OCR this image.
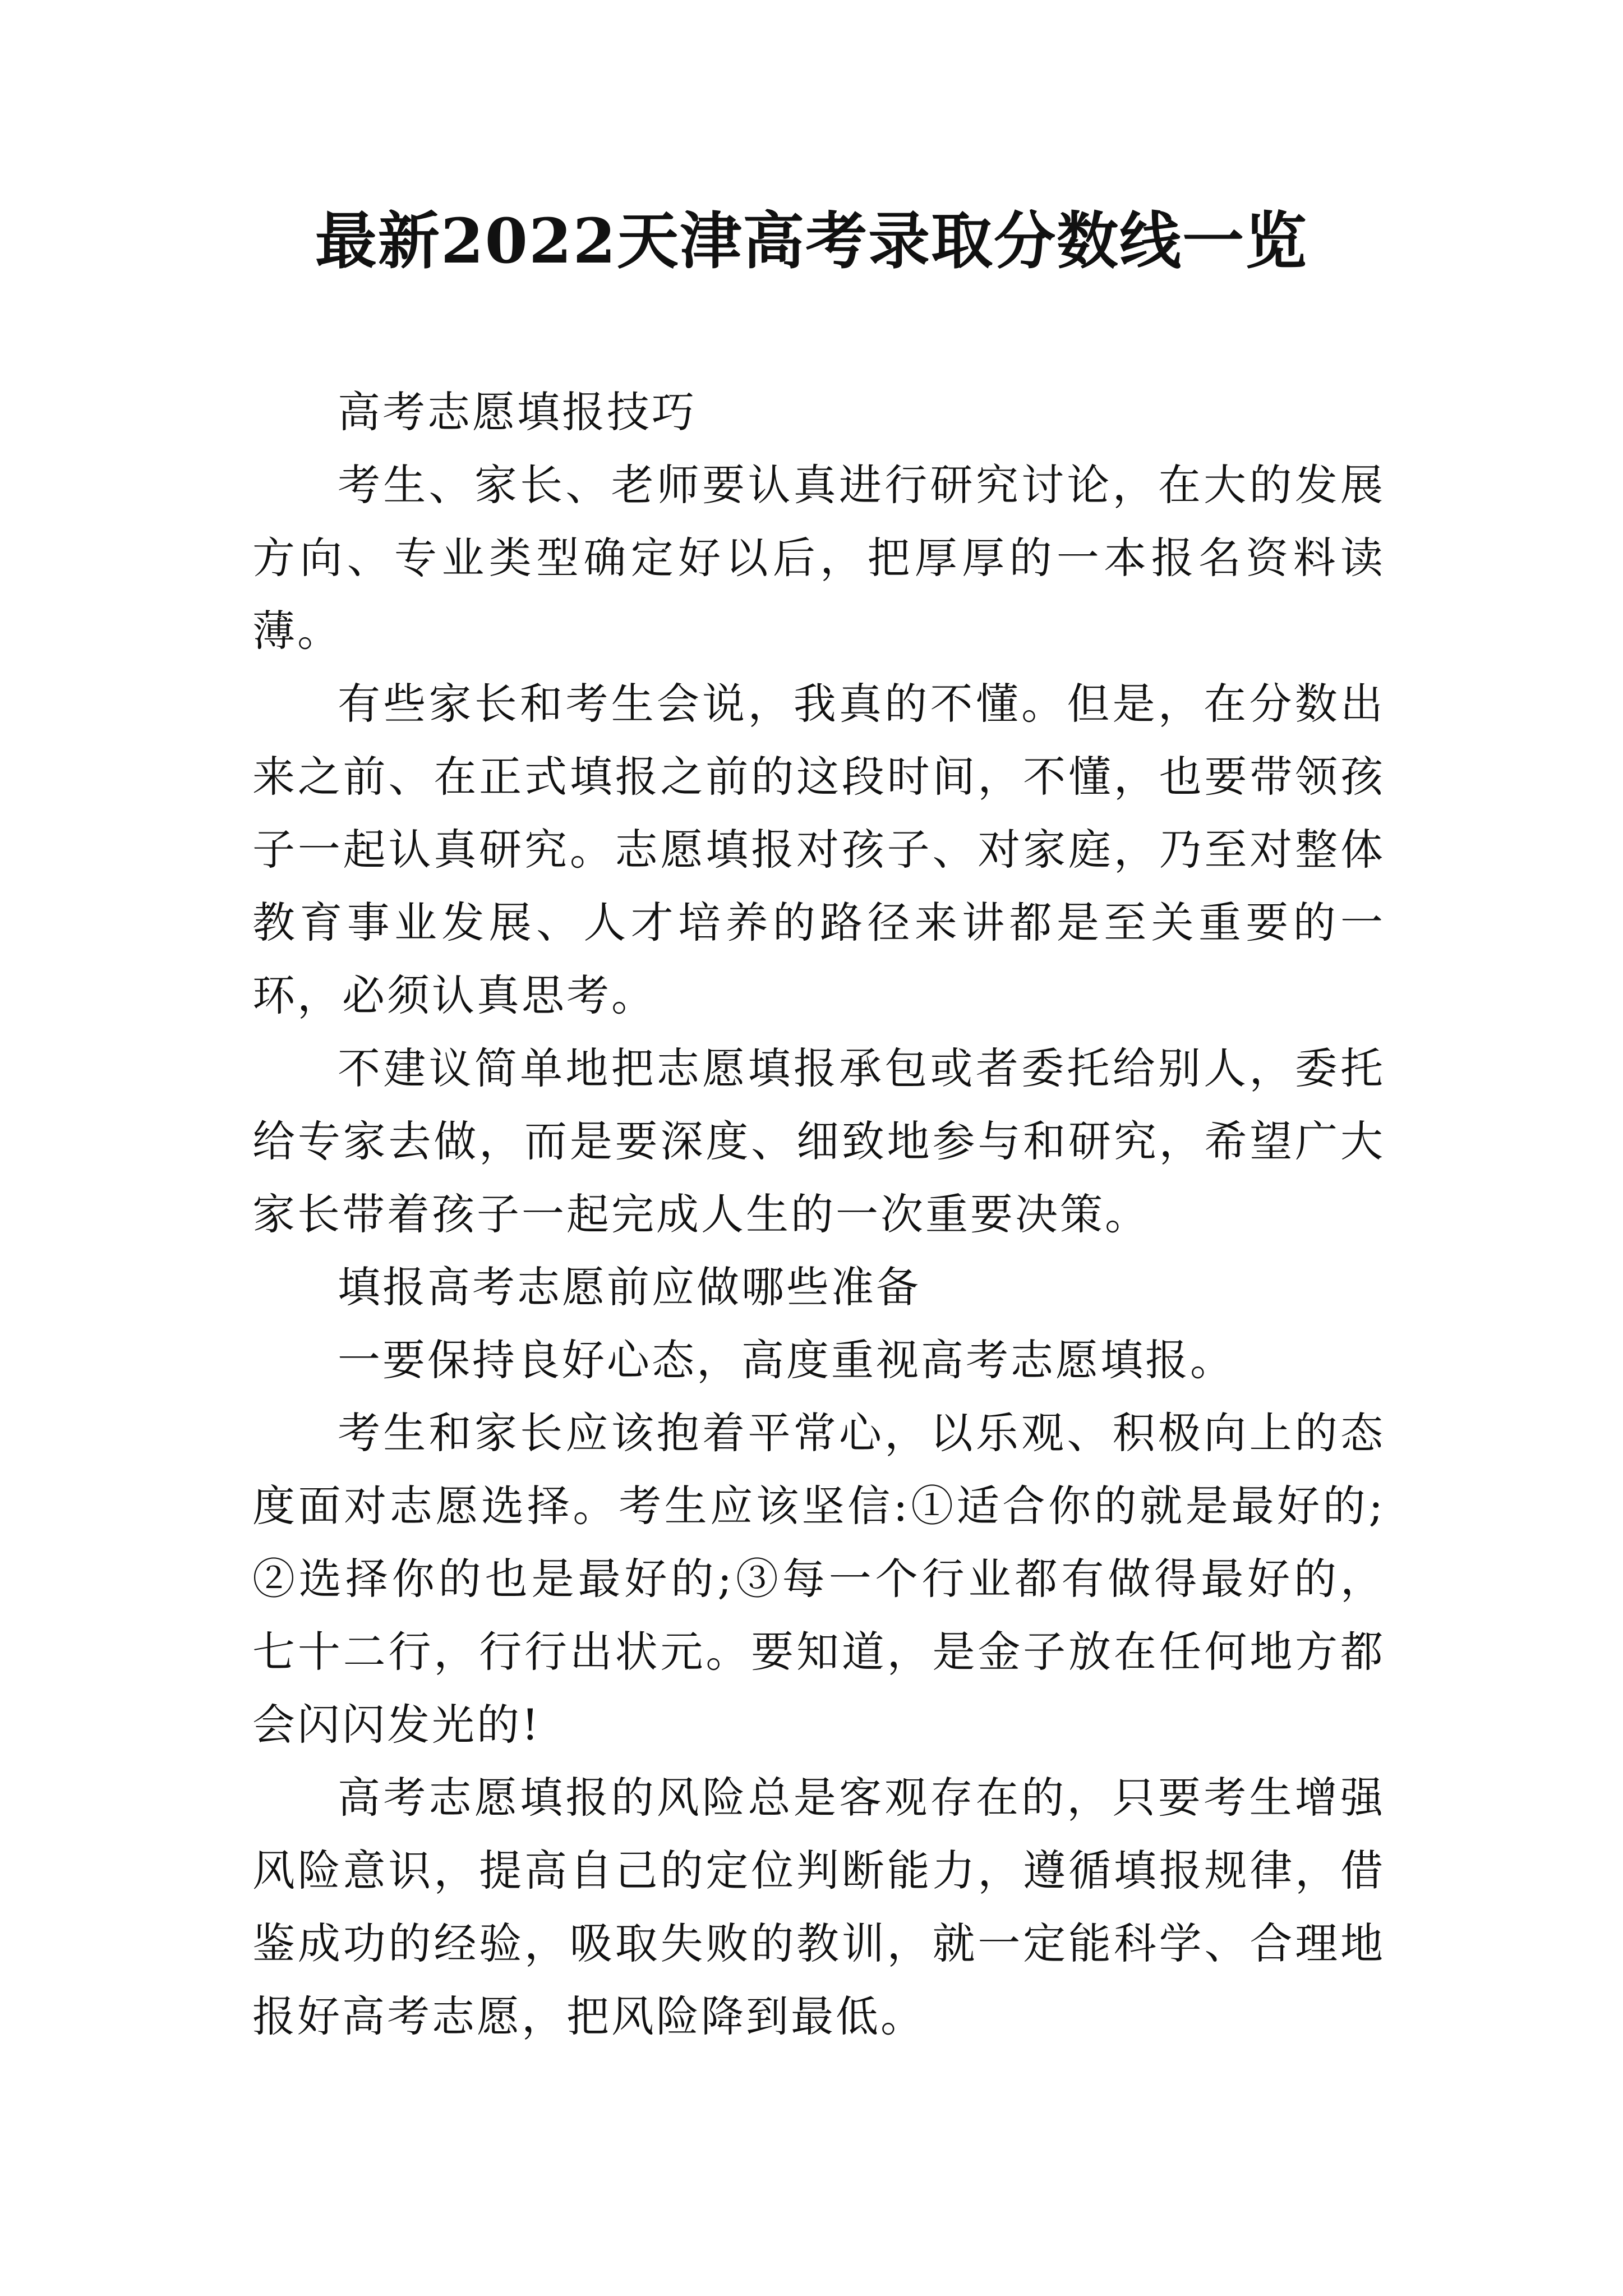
最新2022天津高考录取分数线一览

高考志愿填报技巧

考生、家长、老师要认真进行研究讨论，在大的发展方向、专业类型确定好以后，把厚厚的一本报名资料读薄。

有些家长和考生会说，我真的不懂。但是，在分数出来之前、在正式填报之前的这段时间，不懂，也要带领孩子一起认真研究。志愿填报对孩子、对家庭，乃至对整体教育事业发展、人才培养的路径来讲都是至关重要的一环，必须认真思考。

不建议简单地把志愿填报承包或者委托给别人，委托给专家去做，而是要深度、细致地参与和研究，希望广大家长带着孩子一起完成人生的一次重要决策。

填报高考志愿前应做哪些准备

一要保持良好心态，高度重视高考志愿填报。

考生和家长应该抱着平常心，以乐观、积极向上的态度面对志愿选择。考生应该坚信:①适合你的就是最好的;②选择你的也是最好的;③每一个行业都有做得最好的，七十二行，行行出状元。要知道，是金子放在任何地方都会闪闪发光的!

高考志愿填报的风险总是客观存在的，只要考生增强风险意识，提高自己的定位判断能力，遵循填报规律，借鉴成功的经验，吸取失败的教训，就一定能科学、合理地报好高考志愿，把风险降到最低。
